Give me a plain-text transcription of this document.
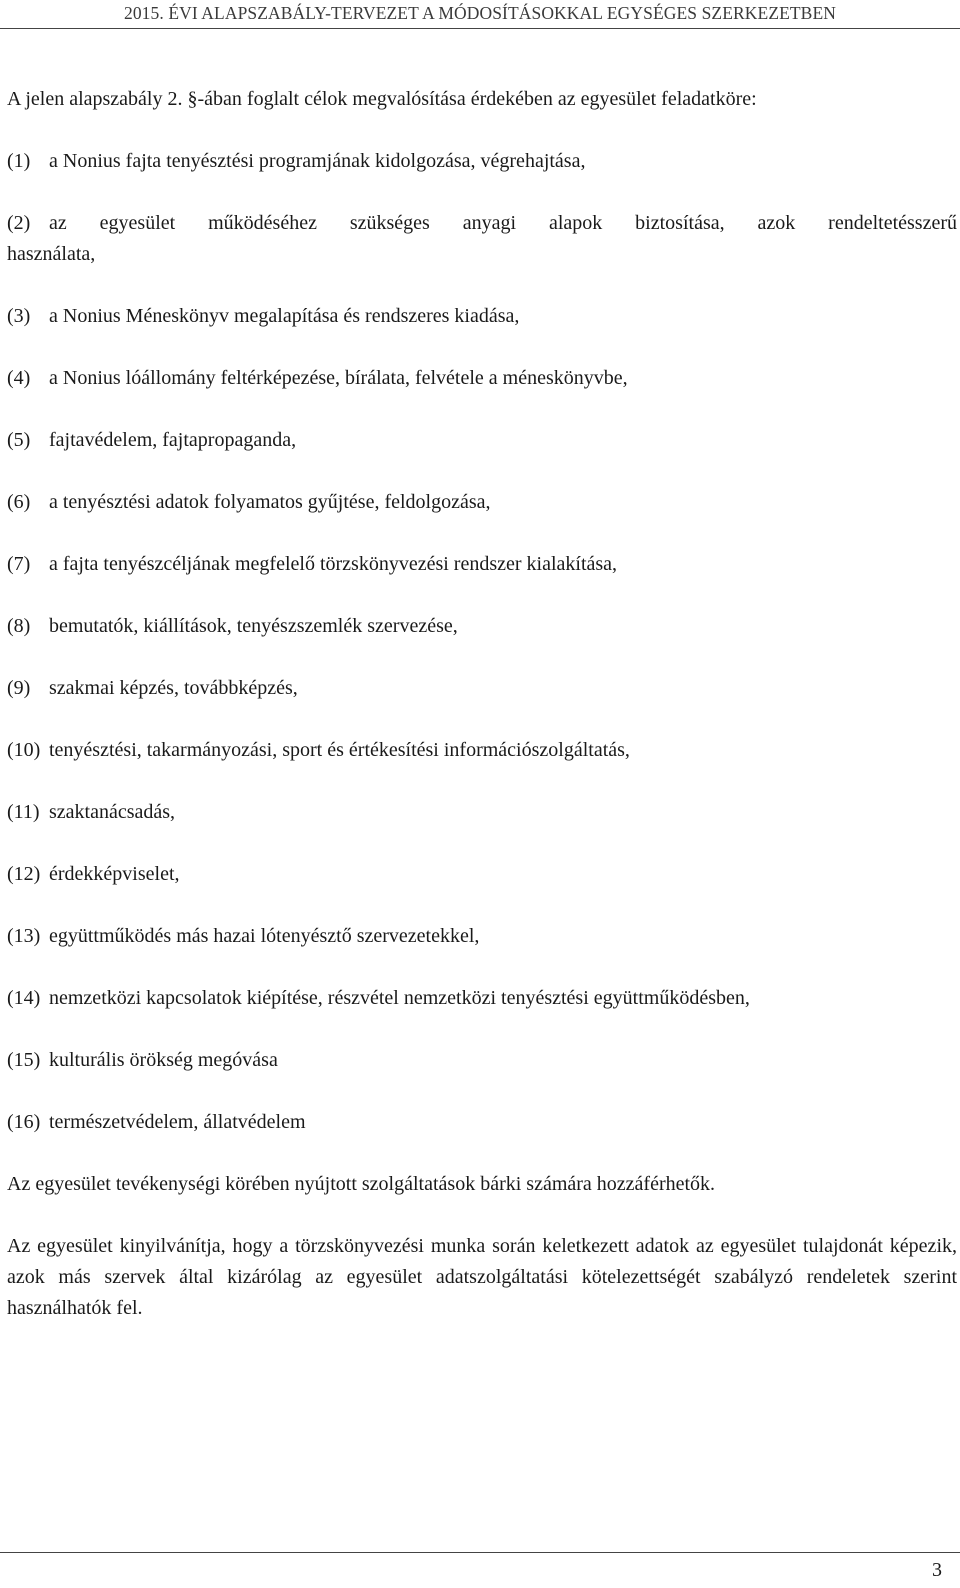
2015. ÉVI ALAPSZABÁLY-TERVEZET A MÓDOSÍTÁSOKKAL EGYSÉGES SZERKEZETBEN

A jelen alapszabály 2. §-ában foglalt célok megvalósítása érdekében az egyesület feladatköre:

(1) a Nonius fajta tenyésztési programjának kidolgozása, végrehajtása,
(2) az egyesület működéséhez szükséges anyagi alapok biztosítása, azok rendeltetésszerű
használata,
(3) a Nonius Méneskönyv megalapítása és rendszeres kiadása,
(4) a Nonius lóállomány feltérképezése, bírálata, felvétele a méneskönyvbe,
(5) fajtavédelem, fajtapropaganda,
(6) a tenyésztési adatok folyamatos gyűjtése, feldolgozása,
(7) a fajta tenyészcéljának megfelelő törzskönyvezési rendszer kialakítása,
(8) bemutatók, kiállítások, tenyészszemlék szervezése,
(9) szakmai képzés, továbbképzés,
(10) tenyésztési, takarmányozási, sport és értékesítési információszolgáltatás,
(11) szaktanácsadás,
(12) érdekképviselet,
(13) együttműködés más hazai lótenyésztő szervezetekkel,
(14) nemzetközi kapcsolatok kiépítése, részvétel nemzetközi tenyésztési együttműködésben,
(15) kulturális örökség megóvása
(16) természetvédelem, állatvédelem

Az egyesület tevékenységi körében nyújtott szolgáltatások bárki számára hozzáférhetők.

Az egyesület kinyilvánítja, hogy a törzskönyvezési munka során keletkezett adatok az egyesület tulajdonát képezik, azok más szervek által kizárólag az egyesület adatszolgáltatási kötelezettségét szabályzó rendeletek szerint használhatók fel.

3
